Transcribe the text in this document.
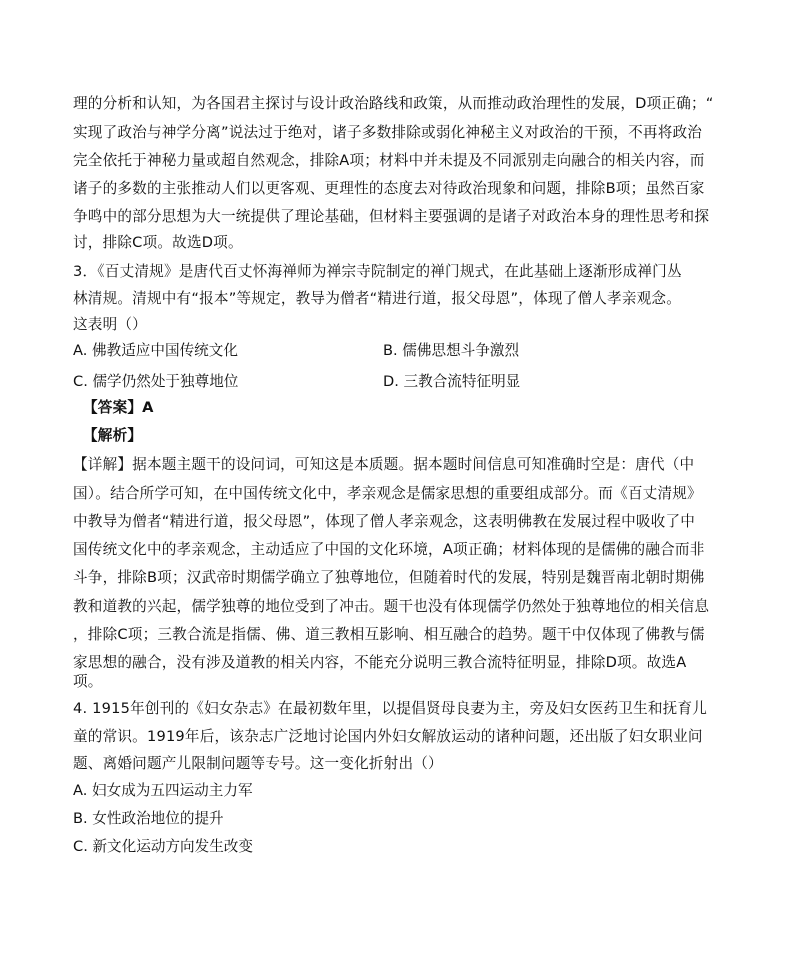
理的分析和认知，为各国君主探讨与设计政治路线和政策，从而推动政治理性的发展，D项正确；“
实现了政治与神学分离”说法过于绝对，诸子多数排除或弱化神秘主义对政治的干预，不再将政治
完全依托于神秘力量或超自然观念，排除A项；材料中并未提及不同派别走向融合的相关内容，而
诸子的多数的主张推动人们以更客观、更理性的态度去对待政治现象和问题，排除B项；虽然百家
争鸣中的部分思想为大一统提供了理论基础，但材料主要强调的是诸子对政治本身的理性思考和探
讨，排除C项。故选D项。
3．《百丈清规》是唐代百丈怀海禅师为禅宗寺院制定的禅门规式，在此基础上逐渐形成禅门丛
林清规。清规中有“报本”等规定，教导为僧者“精进行道，报父母恩”，体现了僧人孝亲观念。
这表明（）
A. 佛教适应中国传统文化	B. 儒佛思想斗争激烈
C. 儒学仍然处于独尊地位	D. 三教合流特征明显
【答案】A
【解析】
【详解】据本题主题干的设问词，可知这是本质题。据本题时间信息可知准确时空是：唐代（中
国）。结合所学可知，在中国传统文化中，孝亲观念是儒家思想的重要组成部分。而《百丈清规》
中教导为僧者“精进行道，报父母恩”，体现了僧人孝亲观念，这表明佛教在发展过程中吸收了中
国传统文化中的孝亲观念，主动适应了中国的文化环境，A项正确；材料体现的是儒佛的融合而非
斗争，排除B项；汉武帝时期儒学确立了独尊地位，但随着时代的发展，特别是魏晋南北朝时期佛
教和道教的兴起，儒学独尊的地位受到了冲击。题干也没有体现儒学仍然处于独尊地位的相关信息
，排除C项；三教合流是指儒、佛、道三教相互影响、相互融合的趋势。题干中仅体现了佛教与儒
家思想的融合，没有涉及道教的相关内容，不能充分说明三教合流特征明显，排除D项。故选A
项。
4. 1915年创刊的《妇女杂志》在最初数年里，以提倡贤母良妻为主，旁及妇女医药卫生和抚育儿
童的常识。1919年后，该杂志广泛地讨论国内外妇女解放运动的诸种问题，还出版了妇女职业问
题、离婚问题产儿限制问题等专号。这一变化折射出（）
A. 妇女成为五四运动主力军
B. 女性政治地位的提升
C. 新文化运动方向发生改变
